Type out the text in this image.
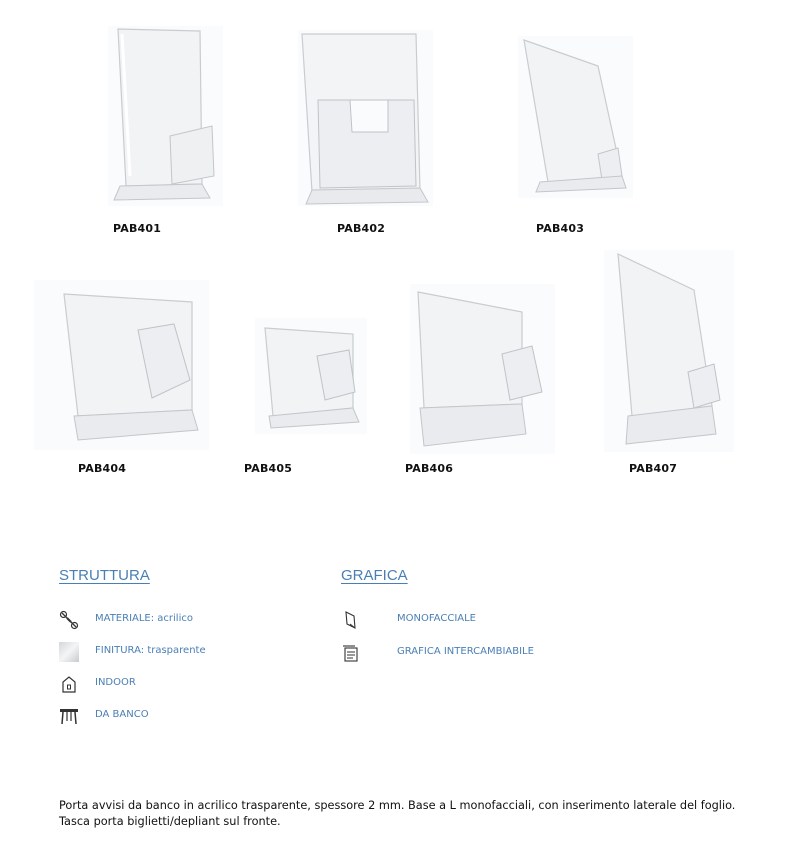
PAB401	PAB402	PAB403
PAB404	PAB405	PAB406	PAB407
STRUTTURA	GRAFICA
MATERIALE: acrilico
FINITURA: trasparente
INDOOR
DA BANCO
MONOFACCIALE
GRAFICA INTERCAMBIABILE
Porta avvisi da banco in acrilico trasparente, spessore 2 mm. Base a L monofacciali, con inserimento laterale del foglio. Tasca porta biglietti/depliant sul fronte.
